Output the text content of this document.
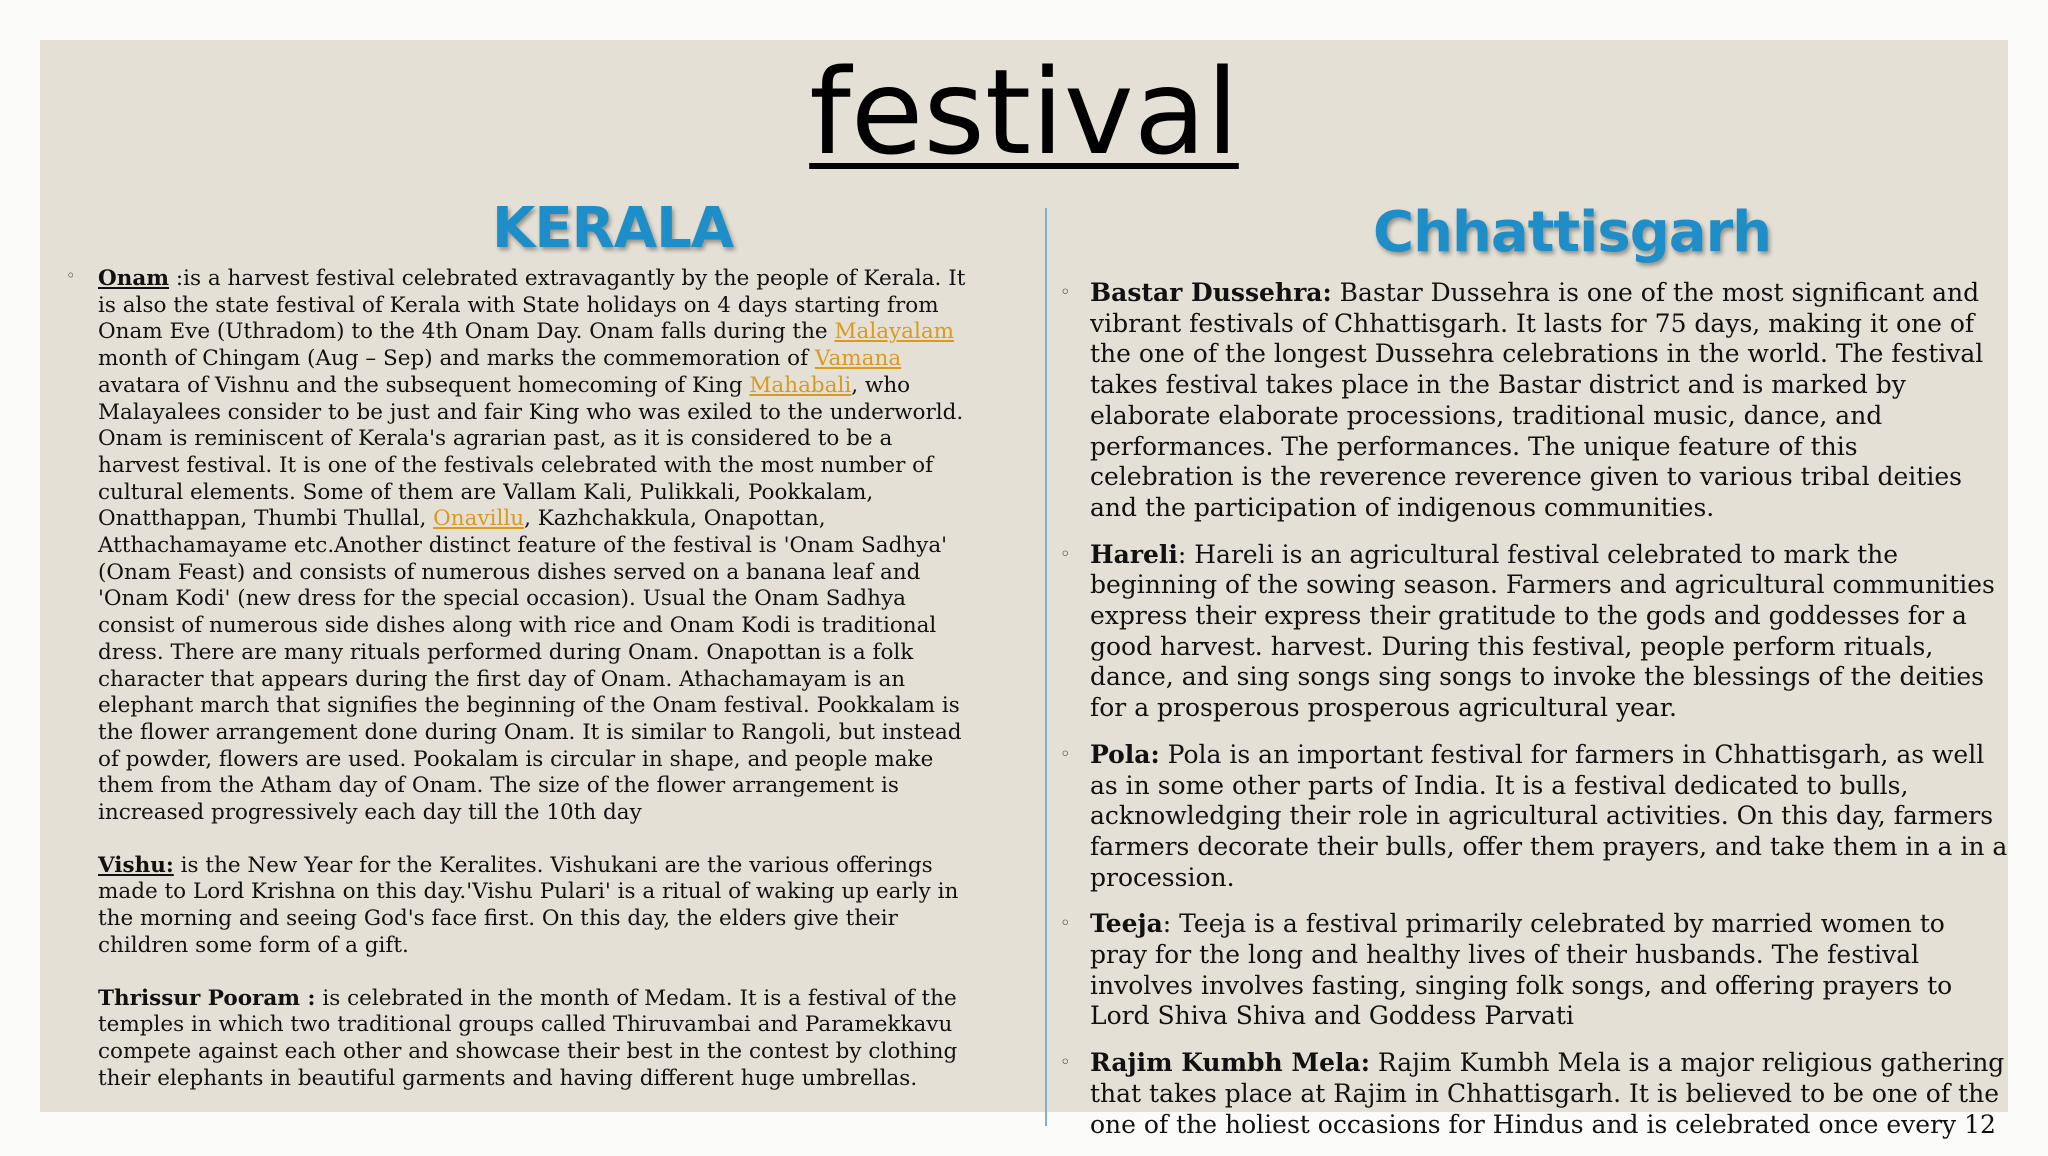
festival
KERALA	Chhattisgarh
◦ Onam :is a harvest festival celebrated extravagantly by the people of Kerala. It is also the state festival of Kerala with State holidays on 4 days starting from Onam Eve (Uthradom) to the 4th Onam Day. Onam falls during the Malayalam month of Chingam (Aug – Sep) and marks the commemoration of Vamana avatara of Vishnu and the subsequent homecoming of King Mahabali, who Malayalees consider to be just and fair King who was exiled to the underworld. Onam is reminiscent of Kerala's agrarian past, as it is considered to be a harvest festival. It is one of the festivals celebrated with the most number of cultural elements. Some of them are Vallam Kali, Pulikkali, Pookkalam, Onatthappan, Thumbi Thullal, Onavillu, Kazhchakkula, Onapottan, Atthachamayame etc.Another distinct feature of the festival is 'Onam Sadhya' (Onam Feast) and consists of numerous dishes served on a banana leaf and 'Onam Kodi' (new dress for the special occasion). Usual the Onam Sadhya consist of numerous side dishes along with rice and Onam Kodi is traditional dress. There are many rituals performed during Onam. Onapottan is a folk character that appears during the first day of Onam. Athachamayam is an elephant march that signifies the beginning of the Onam festival. Pookkalam is the flower arrangement done during Onam. It is similar to Rangoli, but instead of powder, flowers are used. Pookalam is circular in shape, and people make them from the Atham day of Onam. The size of the flower arrangement is increased progressively each day till the 10th day

Vishu: is the New Year for the Keralites. Vishukani are the various offerings made to Lord Krishna on this day.'Vishu Pulari' is a ritual of waking up early in the morning and seeing God's face first. On this day, the elders give their children some form of a gift.

Thrissur Pooram : is celebrated in the month of Medam. It is a festival of the temples in which two traditional groups called Thiruvambai and Paramekkavu compete against each other and showcase their best in the contest by clothing their elephants in beautiful garments and having different huge umbrellas.

◦ Bastar Dussehra: Bastar Dussehra is one of the most significant and vibrant festivals of Chhattisgarh. It lasts for 75 days, making it one of the one of the longest Dussehra celebrations in the world. The festival takes festival takes place in the Bastar district and is marked by elaborate elaborate processions, traditional music, dance, and performances. The performances. The unique feature of this celebration is the reverence reverence given to various tribal deities and the participation of indigenous communities.
◦ Hareli: Hareli is an agricultural festival celebrated to mark the beginning of the sowing season. Farmers and agricultural communities express their express their gratitude to the gods and goddesses for a good harvest. harvest. During this festival, people perform rituals, dance, and sing songs sing songs to invoke the blessings of the deities for a prosperous prosperous agricultural year.
◦ Pola: Pola is an important festival for farmers in Chhattisgarh, as well as in some other parts of India. It is a festival dedicated to bulls, acknowledging their role in agricultural activities. On this day, farmers farmers decorate their bulls, offer them prayers, and take them in a in a procession.
◦ Teeja: Teeja is a festival primarily celebrated by married women to pray for the long and healthy lives of their husbands. The festival involves involves fasting, singing folk songs, and offering prayers to Lord Shiva Shiva and Goddess Parvati
◦ Rajim Kumbh Mela: Rajim Kumbh Mela is a major religious gathering that takes place at Rajim in Chhattisgarh. It is believed to be one of the one of the holiest occasions for Hindus and is celebrated once every 12
